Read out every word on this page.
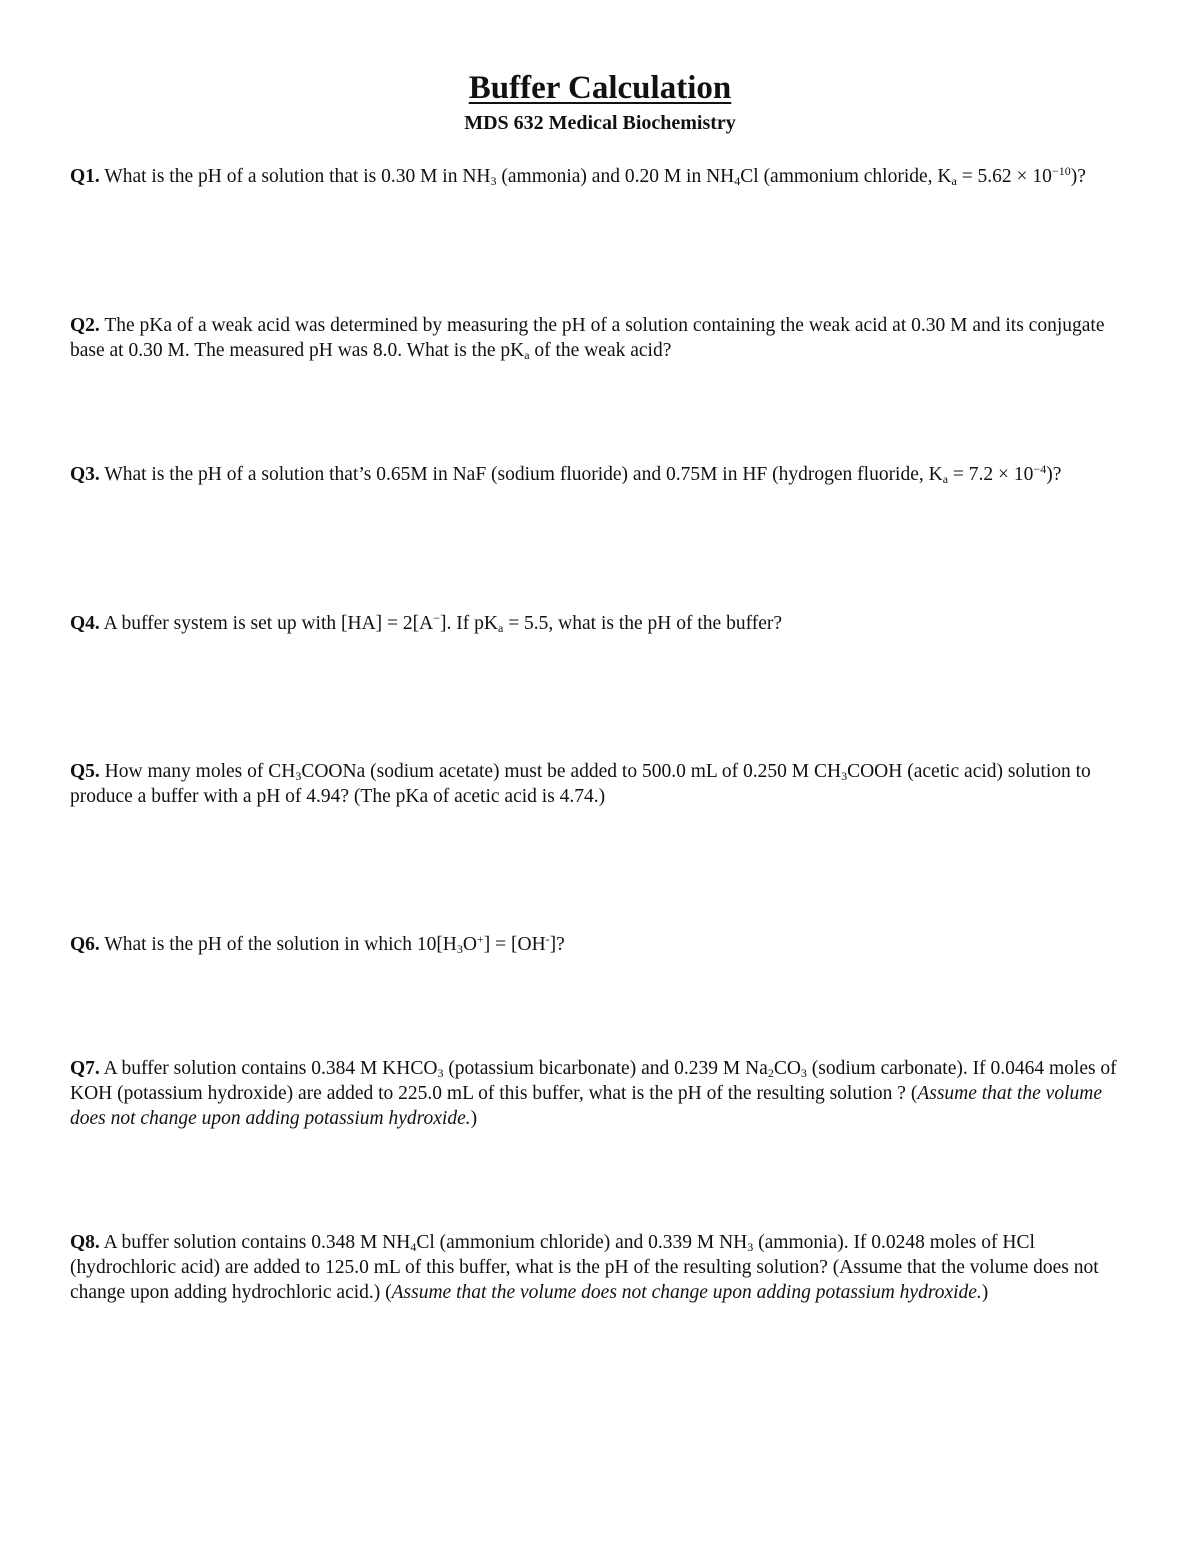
Buffer Calculation
MDS 632 Medical Biochemistry

Q1. What is the pH of a solution that is 0.30 M in $NH_3$ (ammonia) and 0.20 M in $NH_4Cl$ (ammonium chloride, $K_a = 5.62 \times 10^{-10}$)?

Q2. The pKa of a weak acid was determined by measuring the pH of a solution containing the weak acid at 0.30 M and its conjugate base at 0.30 M. The measured pH was 8.0. What is the $pK_a$ of the weak acid?

Q3. What is the pH of a solution that’s 0.65M in NaF (sodium fluoride) and 0.75M in HF (hydrogen fluoride, $K_a = 7.2 \times 10^{-4}$)?

Q4. A buffer system is set up with [HA] = 2[A−]. If $pK_a = 5.5$, what is the pH of the buffer?

Q5. How many moles of $CH_3COONa$ (sodium acetate) must be added to 500.0 mL of 0.250 M $CH_3COOH$ (acetic acid) solution to produce a buffer with a pH of 4.94? (The pKa of acetic acid is 4.74.)

Q6. What is the pH of the solution in which $10[H_3O^+] = [OH^-]$?

Q7. A buffer solution contains 0.384 M $KHCO_3$ (potassium bicarbonate) and 0.239 M $Na_2CO_3$ (sodium carbonate). If 0.0464 moles of KOH (potassium hydroxide) are added to 225.0 mL of this buffer, what is the pH of the resulting solution ? (Assume that the volume does not change upon adding potassium hydroxide.)

Q8. A buffer solution contains 0.348 M $NH_4Cl$ (ammonium chloride) and 0.339 M $NH_3$ (ammonia). If 0.0248 moles of HCl (hydrochloric acid) are added to 125.0 mL of this buffer, what is the pH of the resulting solution? (Assume that the volume does not change upon adding hydrochloric acid.) (Assume that the volume does not change upon adding potassium hydroxide.)
